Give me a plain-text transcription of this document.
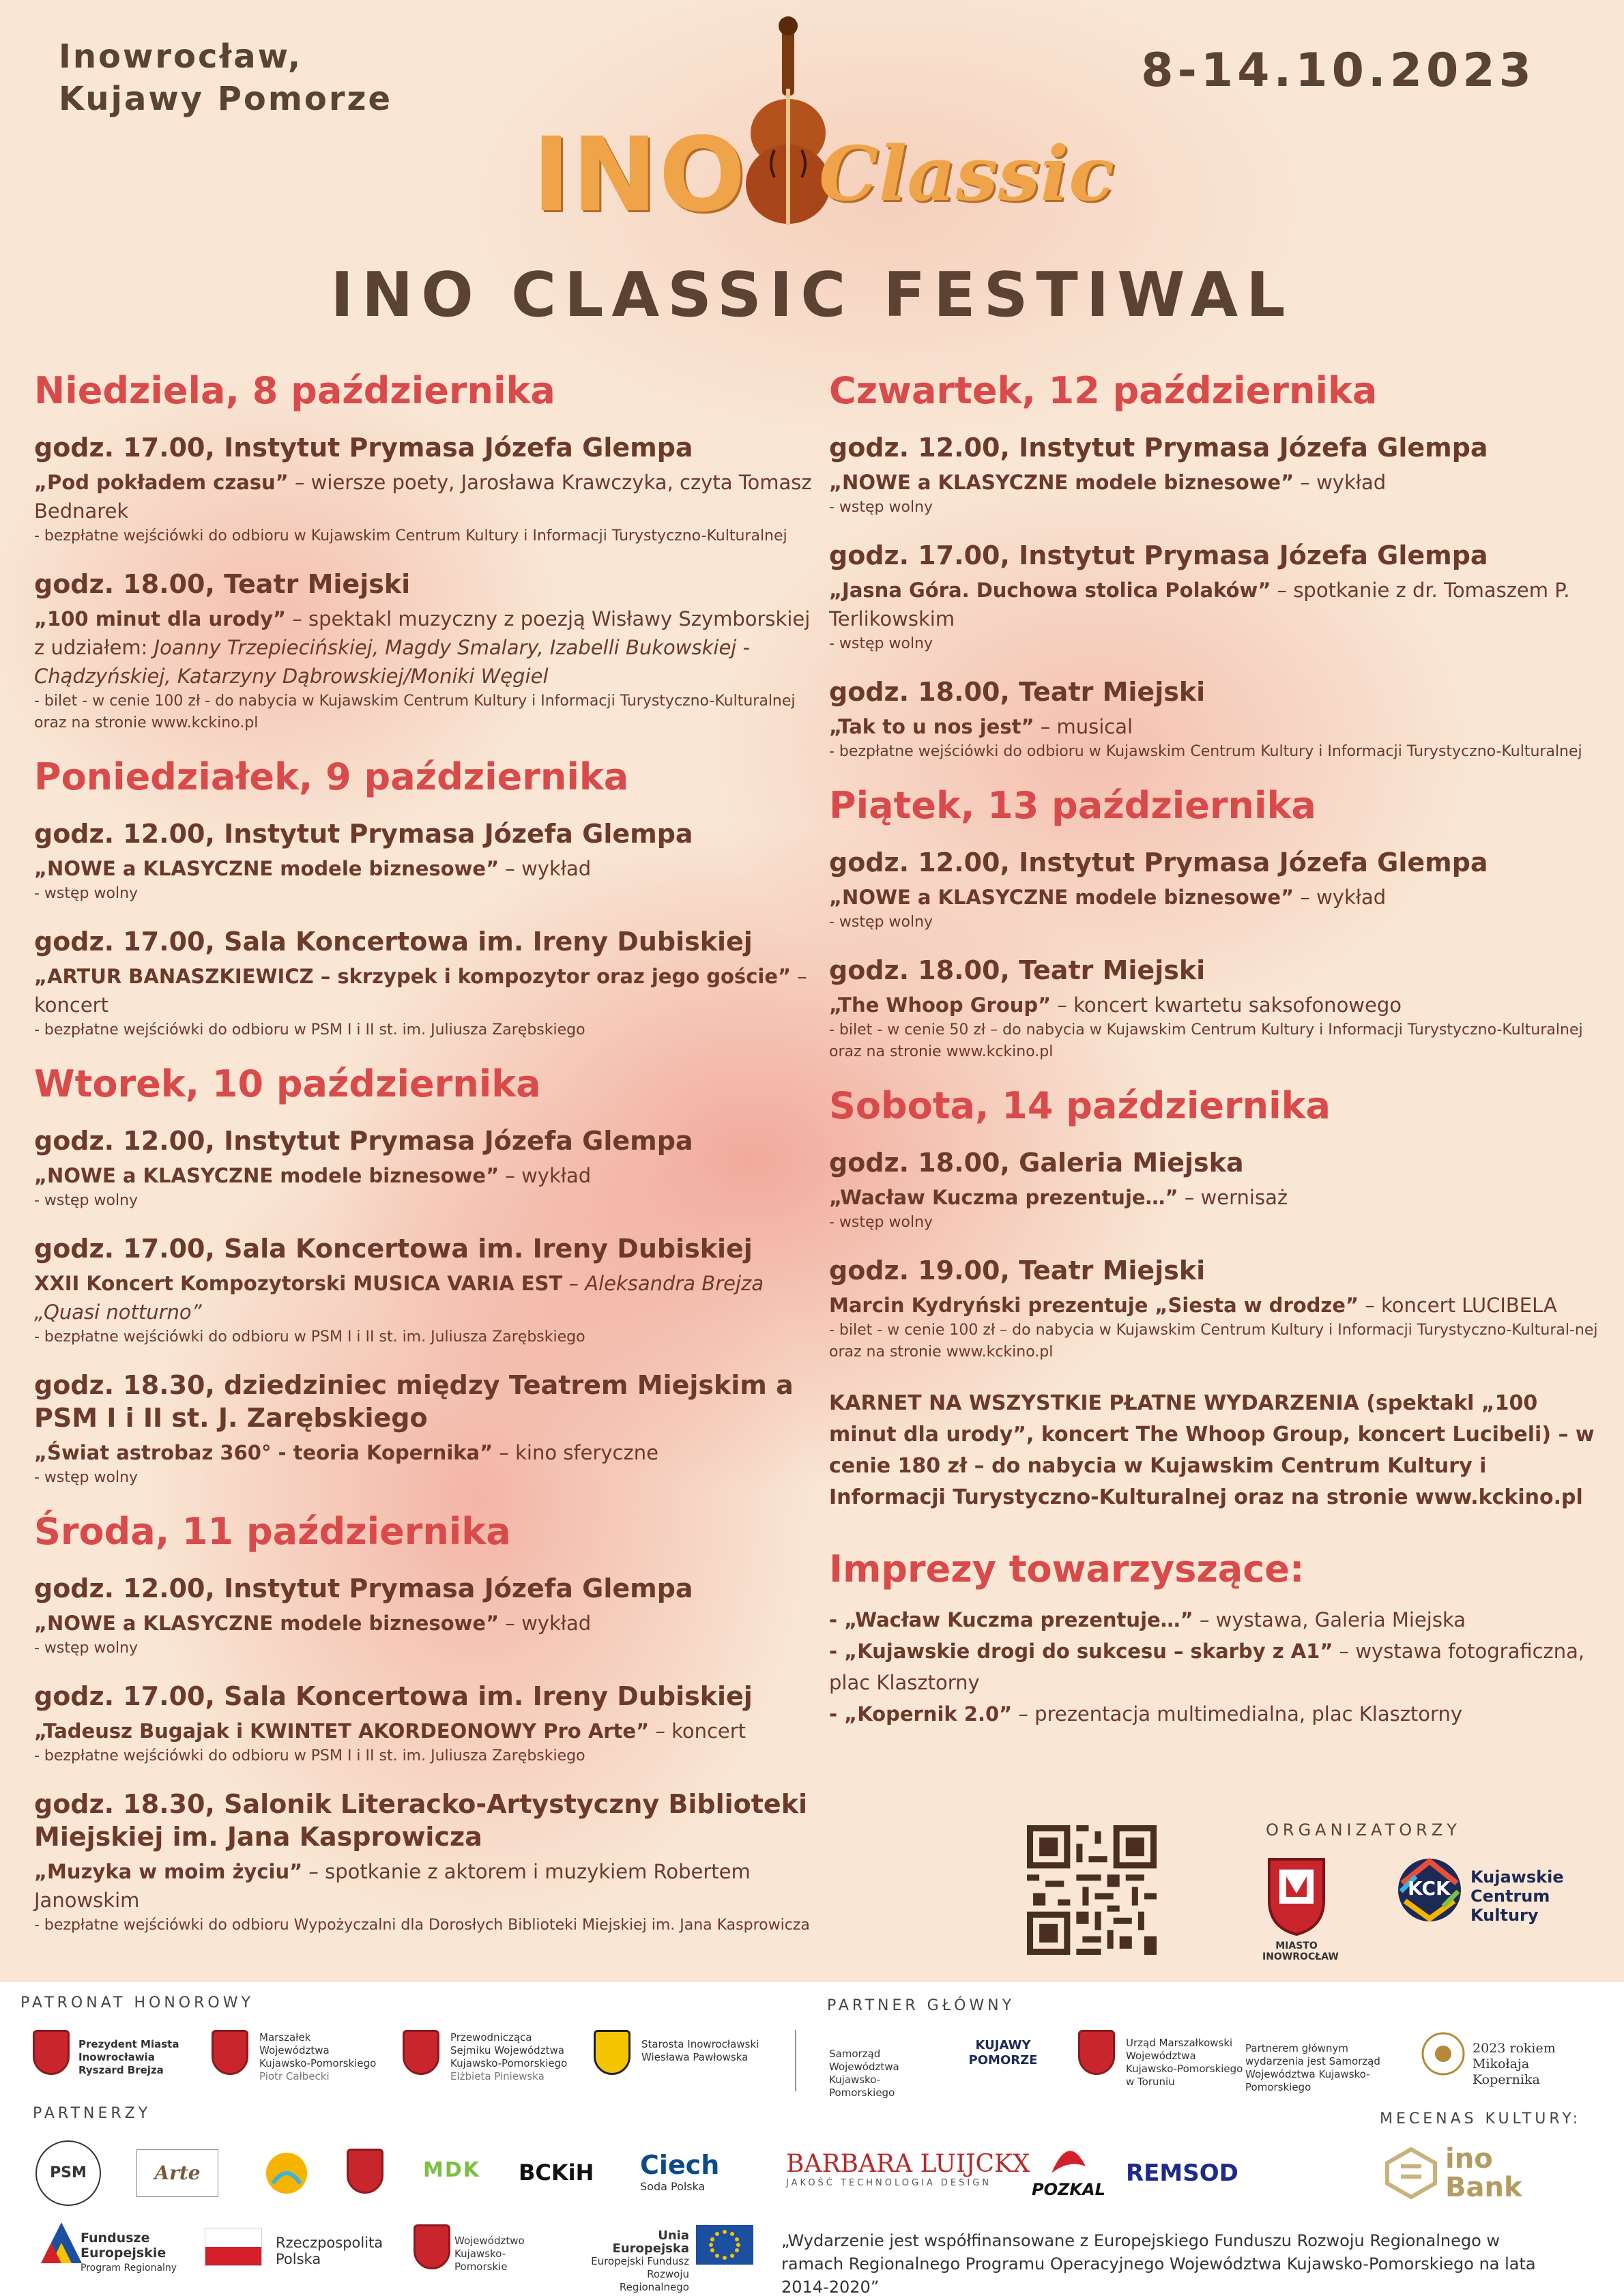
Inowrocław,
Kujawy Pomorze
8-14.10.2023
INO Classic
INO CLASSIC FESTIWAL
Niedziela, 8 października
godz. 17.00, Instytut Prymasa Józefa Glempa
„Pod pokładem czasu” – wiersze poety, Jarosława Krawczyka, czyta Tomasz Bednarek
- bezpłatne wejściówki do odbioru w Kujawskim Centrum Kultury i Informacji Turystyczno-Kulturalnej
godz. 18.00, Teatr Miejski
„100 minut dla urody” – spektakl muzyczny z poezją Wisławy Szymborskiej z udziałem: Joanny Trzepiecińskiej, Magdy Smalary, Izabelli Bukowskiej -Chądzyńskiej, Katarzyny Dąbrowskiej/Moniki Węgiel
- bilet - w cenie 100 zł - do nabycia w Kujawskim Centrum Kultury i Informacji Turystyczno-Kulturalnej oraz na stronie www.kckino.pl
Poniedziałek, 9 października
godz. 12.00, Instytut Prymasa Józefa Glempa
„NOWE a KLASYCZNE modele biznesowe” – wykład
- wstęp wolny
godz. 17.00, Sala Koncertowa im. Ireny Dubiskiej
„ARTUR BANASZKIEWICZ – skrzypek i kompozytor oraz jego goście” – koncert
- bezpłatne wejściówki do odbioru w PSM I i II st. im. Juliusza Zarębskiego
Wtorek, 10 października
godz. 12.00, Instytut Prymasa Józefa Glempa
„NOWE a KLASYCZNE modele biznesowe” – wykład
- wstęp wolny
godz. 17.00, Sala Koncertowa im. Ireny Dubiskiej
XXII Koncert Kompozytorski MUSICA VARIA EST – Aleksandra Brejza „Quasi notturno”
- bezpłatne wejściówki do odbioru w PSM I i II st. im. Juliusza Zarębskiego
godz. 18.30, dziedziniec między Teatrem Miejskim a PSM I i II st. J. Zarębskiego
„Świat astrobaz 360° - teoria Kopernika” – kino sferyczne
- wstęp wolny
Środa, 11 października
godz. 12.00, Instytut Prymasa Józefa Glempa
„NOWE a KLASYCZNE modele biznesowe” – wykład
- wstęp wolny
godz. 17.00, Sala Koncertowa im. Ireny Dubiskiej
„Tadeusz Bugajak i KWINTET AKORDEONOWY Pro Arte” – koncert
- bezpłatne wejściówki do odbioru w PSM I i II st. im. Juliusza Zarębskiego
godz. 18.30, Salonik Literacko-Artystyczny Biblioteki Miejskiej im. Jana Kasprowicza
„Muzyka w moim życiu” – spotkanie z aktorem i muzykiem Robertem Janowskim
- bezpłatne wejściówki do odbioru Wypożyczalni dla Dorosłych Biblioteki Miejskiej im. Jana Kasprowicza
Czwartek, 12 października
godz. 12.00, Instytut Prymasa Józefa Glempa
„NOWE a KLASYCZNE modele biznesowe” – wykład
- wstęp wolny
godz. 17.00, Instytut Prymasa Józefa Glempa
„Jasna Góra. Duchowa stolica Polaków” – spotkanie z dr. Tomaszem P. Terlikowskim
- wstęp wolny
godz. 18.00, Teatr Miejski
„Tak to u nos jest” – musical
- bezpłatne wejściówki do odbioru w Kujawskim Centrum Kultury i Informacji Turystyczno-Kulturalnej
Piątek, 13 października
godz. 12.00, Instytut Prymasa Józefa Glempa
„NOWE a KLASYCZNE modele biznesowe” – wykład
- wstęp wolny
godz. 18.00, Teatr Miejski
„The Whoop Group” – koncert kwartetu saksofonowego
- bilet - w cenie 50 zł – do nabycia w Kujawskim Centrum Kultury i Informacji Turystyczno-Kulturalnej oraz na stronie www.kckino.pl
Sobota, 14 października
godz. 18.00, Galeria Miejska
„Wacław Kuczma prezentuje…” – wernisaż
- wstęp wolny
godz. 19.00, Teatr Miejski
Marcin Kydryński prezentuje „Siesta w drodze” – koncert LUCIBELA
- bilet - w cenie 100 zł – do nabycia w Kujawskim Centrum Kultury i Informacji Turystyczno-Kultural-nej oraz na stronie www.kckino.pl
KARNET NA WSZYSTKIE PŁATNE WYDARZENIA (spektakl „100 minut dla urody”, koncert The Whoop Group, koncert Lucibeli) – w cenie 180 zł – do nabycia w Kujawskim Centrum Kultury i Informacji Turystyczno-Kulturalnej oraz na stronie www.kckino.pl
Imprezy towarzyszące:
- „Wacław Kuczma prezentuje…” – wystawa, Galeria Miejska
- „Kujawskie drogi do sukcesu – skarby z A1” – wystawa fotograficzna, plac Klasztorny
- „Kopernik 2.0” – prezentacja multimedialna, plac Klasztorny
ORGANIZATORZY
MIASTO INOWROCŁAW
KCK Kujawskie Centrum Kultury
PATRONAT HONOROWY	PARTNER GŁÓWNY
Prezydent Miasta Inowrocławia
Ryszard Brejza
Marszałek Województwa Kujawsko-Pomorskiego
Piotr Całbecki
Przewodnicząca Sejmiku Województwa Kujawsko-Pomorskiego
Elżbieta Piniewska
Starosta Inowrocławski
Wiesława Pawłowska	Samorząd Województwa Kujawsko-Pomorskiego
KUJAWY POMORZE
Urząd Marszałkowski Województwa Kujawsko-Pomorskiego w Toruniu
Partnerem głównym wydarzenia jest Samorząd Województwa Kujawsko-Pomorskiego
2023 rokiem
Mikołaja Kopernika
PARTNERZY	MECENAS KULTURY:
PSM	Arte	MDK BCKiH Ciech
Soda Polska
BARBARA LUIJCKX
JAKOŚĆ TECHNOLOGIA DESIGN	POZKAL
REMSOD	ino
Bank
Fundusze Europejskie
Program Regionalny
Rzeczpospolita Polska
Województwo Kujawsko-Pomorskie
Unia Europejska
Europejski Fundusz Rozwoju Regionalnego
„Wydarzenie jest współfinansowane z Europejskiego Funduszu Rozwoju Regionalnego w ramach Regionalnego Programu Operacyjnego Województwa Kujawsko-Pomorskiego na lata 2014-2020”
